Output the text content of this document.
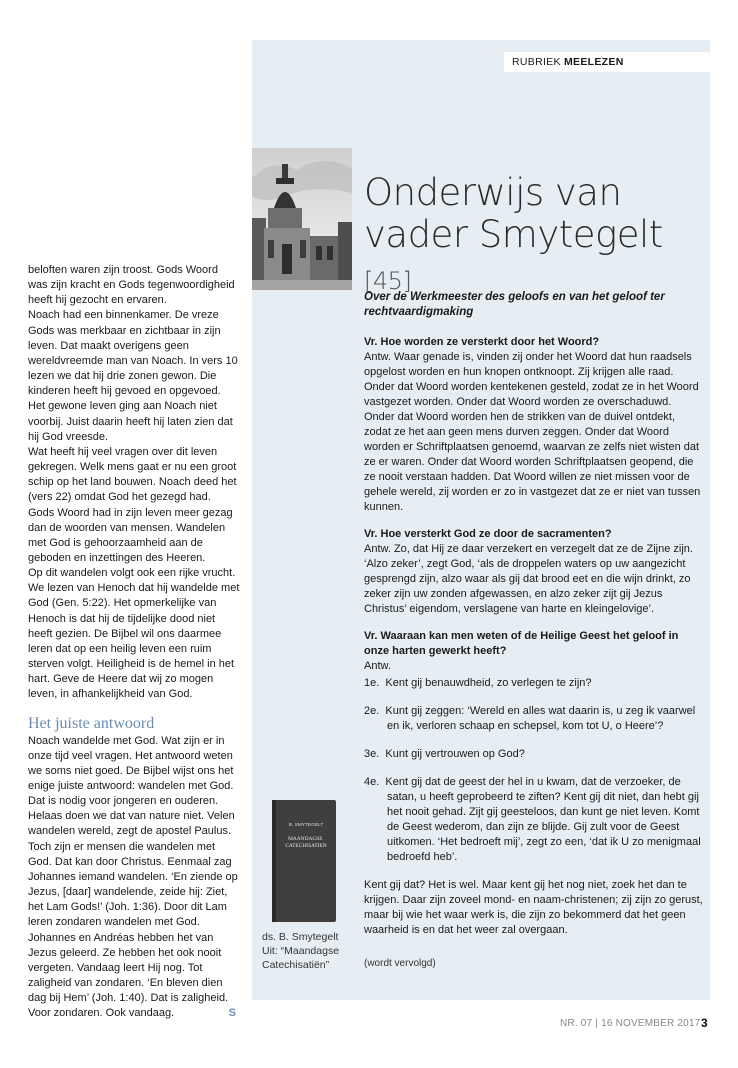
RUBRIEK MEELEZEN
Onderwijs van
vader Smytegelt [45]

Over de Werkmeester des geloofs en van het geloof ter rechtvaardigmaking

Vr. Hoe worden ze versterkt door het Woord?
Antw. Waar genade is, vinden zij onder het Woord dat hun raadsels opgelost worden en hun knopen ontknoopt. Zij krijgen alle raad. Onder dat Woord worden kentekenen gesteld, zodat ze in het Woord vastgezet worden. Onder dat Woord worden ze overschaduwd. Onder dat Woord worden hen de strikken van de duivel ontdekt, zodat ze het aan geen mens durven zeggen. Onder dat Woord worden er Schriftplaatsen genoemd, waarvan ze zelfs niet wisten dat ze er waren. Onder dat Woord worden Schriftplaatsen geopend, die ze nooit verstaan hadden. Dat Woord willen ze niet missen voor de gehele wereld, zij worden er zo in vastgezet dat ze er niet van tussen kunnen.

Vr. Hoe versterkt God ze door de sacramenten?
Antw. Zo, dat Hij ze daar verzekert en verzegelt dat ze de Zijne zijn. ‘Alzo zeker’, zegt God, ‘als de droppelen waters op uw aangezicht gesprengd zijn, alzo waar als gij dat brood eet en die wijn drinkt, zo zeker zijn uw zonden afgewassen, en alzo zeker zijt gij Jezus Christus’ eigendom, verslagene van harte en kleingelovige’.

Vr. Waaraan kan men weten of de Heilige Geest het geloof in onze harten gewerkt heeft?
Antw.

1e. Kent gij benauwdheid, zo verlegen te zijn?
2e. Kunt gij zeggen: ‘Wereld en alles wat daarin is, u zeg ik vaarwel en ik, verloren schaap en schepsel, kom tot U, o Heere’?
3e. Kunt gij vertrouwen op God?
4e. Kent gij dat de geest der hel in u kwam, dat de verzoeker, de satan, u heeft geprobeerd te ziften? Kent gij dit niet, dan hebt gij het nooit gehad. Zijt gij geesteloos, dan kunt ge niet leven. Komt de Geest wederom, dan zijn ze blijde. Gij zult voor de Geest uitkomen. ‘Het bedroeft mij’, zegt zo een, ‘dat ik U zo menigmaal bedroefd heb’.

Kent gij dat? Het is wel. Maar kent gij het nog niet, zoek het dan te krijgen. Daar zijn zoveel mond- en naam-christenen; zij zijn zo gerust, maar bij wie het waar werk is, die zijn zo bekommerd dat het geen waarheid is en dat het weer zal overgaan.

(wordt vervolgd)

beloften waren zijn troost. Gods Woord was zijn kracht en Gods tegenwoordigheid heeft hij gezocht en ervaren.

Noach had een binnenkamer. De vreze Gods was merkbaar en zichtbaar in zijn leven. Dat maakt overigens geen wereldvreemde man van Noach. In vers 10 lezen we dat hij drie zonen gewon. Die kinderen heeft hij gevoed en opgevoed. Het gewone leven ging aan Noach niet voorbij. Juist daarin heeft hij laten zien dat hij God vreesde.

Wat heeft hij veel vragen over dit leven gekregen. Welk mens gaat er nu een groot schip op het land bouwen. Noach deed het (vers 22) omdat God het gezegd had. Gods Woord had in zijn leven meer gezag dan de woorden van mensen. Wandelen met God is gehoorzaamheid aan de geboden en inzettingen des Heeren.

Op dit wandelen volgt ook een rijke vrucht. We lezen van Henoch dat hij wandelde met God (Gen. 5:22). Het opmerkelijke van Henoch is dat hij de tijdelijke dood niet heeft gezien. De Bijbel wil ons daarmee leren dat op een heilig leven een ruim sterven volgt. Heiligheid is de hemel in het hart. Geve de Heere dat wij zo mogen leven, in afhankelijkheid van God.

Het juiste antwoord

Noach wandelde met God. Wat zijn er in onze tijd veel vragen. Het antwoord weten we soms niet goed. De Bijbel wijst ons het enige juiste antwoord: wandelen met God. Dat is nodig voor jongeren en ouderen. Helaas doen we dat van nature niet. Velen wandelen wereld, zegt de apostel Paulus. Toch zijn er mensen die wandelen met God. Dat kan door Christus. Eenmaal zag Johannes iemand wandelen. ‘En ziende op Jezus, [daar] wandelende, zeide hij: Ziet, het Lam Gods!’ (Joh. 1:36). Door dit Lam leren zondaren wandelen met God. Johannes en Andréas hebben het van Jezus geleerd. Ze hebben het ook nooit vergeten. Vandaag leert Hij nog. Tot zaligheid van zondaren. ‘En bleven dien dag bij Hem’ (Joh. 1:40). Dat is zaligheid. Voor zondaren. Ook vandaag.	S

B. SMYTEGELT
MAANDAGSE CATECHISATIEN

ds. B. Smytegelt

Uit: “Maandagse Catechisatiën”

NR. 07 | 16 NOVEMBER 2017 3
